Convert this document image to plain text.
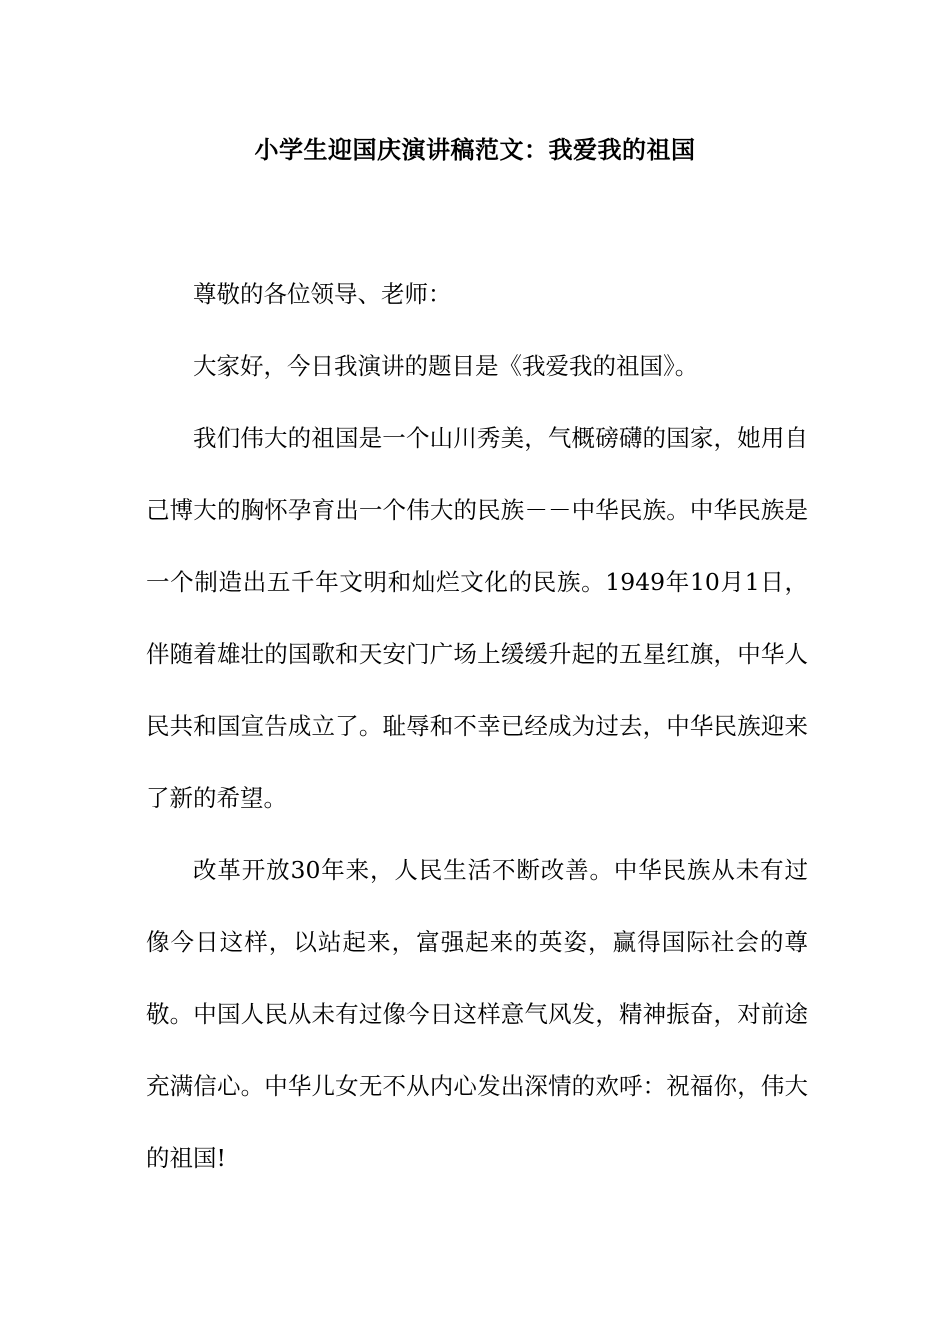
小学生迎国庆演讲稿范文：我爱我的祖国

尊敬的各位领导、老师：

大家好，今日我演讲的题目是《我爱我的祖国》。

我们伟大的祖国是一个山川秀美，气概磅礴的国家，她用自己博大的胸怀孕育出一个伟大的民族－－中华民族。中华民族是一个制造出五千年文明和灿烂文化的民族。1949年10月1日，伴随着雄壮的国歌和天安门广场上缓缓升起的五星红旗，中华人民共和国宣告成立了。耻辱和不幸已经成为过去，中华民族迎来了新的希望。

改革开放30年来，人民生活不断改善。中华民族从未有过像今日这样，以站起来，富强起来的英姿，赢得国际社会的尊敬。中国人民从未有过像今日这样意气风发，精神振奋，对前途充满信心。中华儿女无不从内心发出深情的欢呼：祝福你，伟大的祖国!
